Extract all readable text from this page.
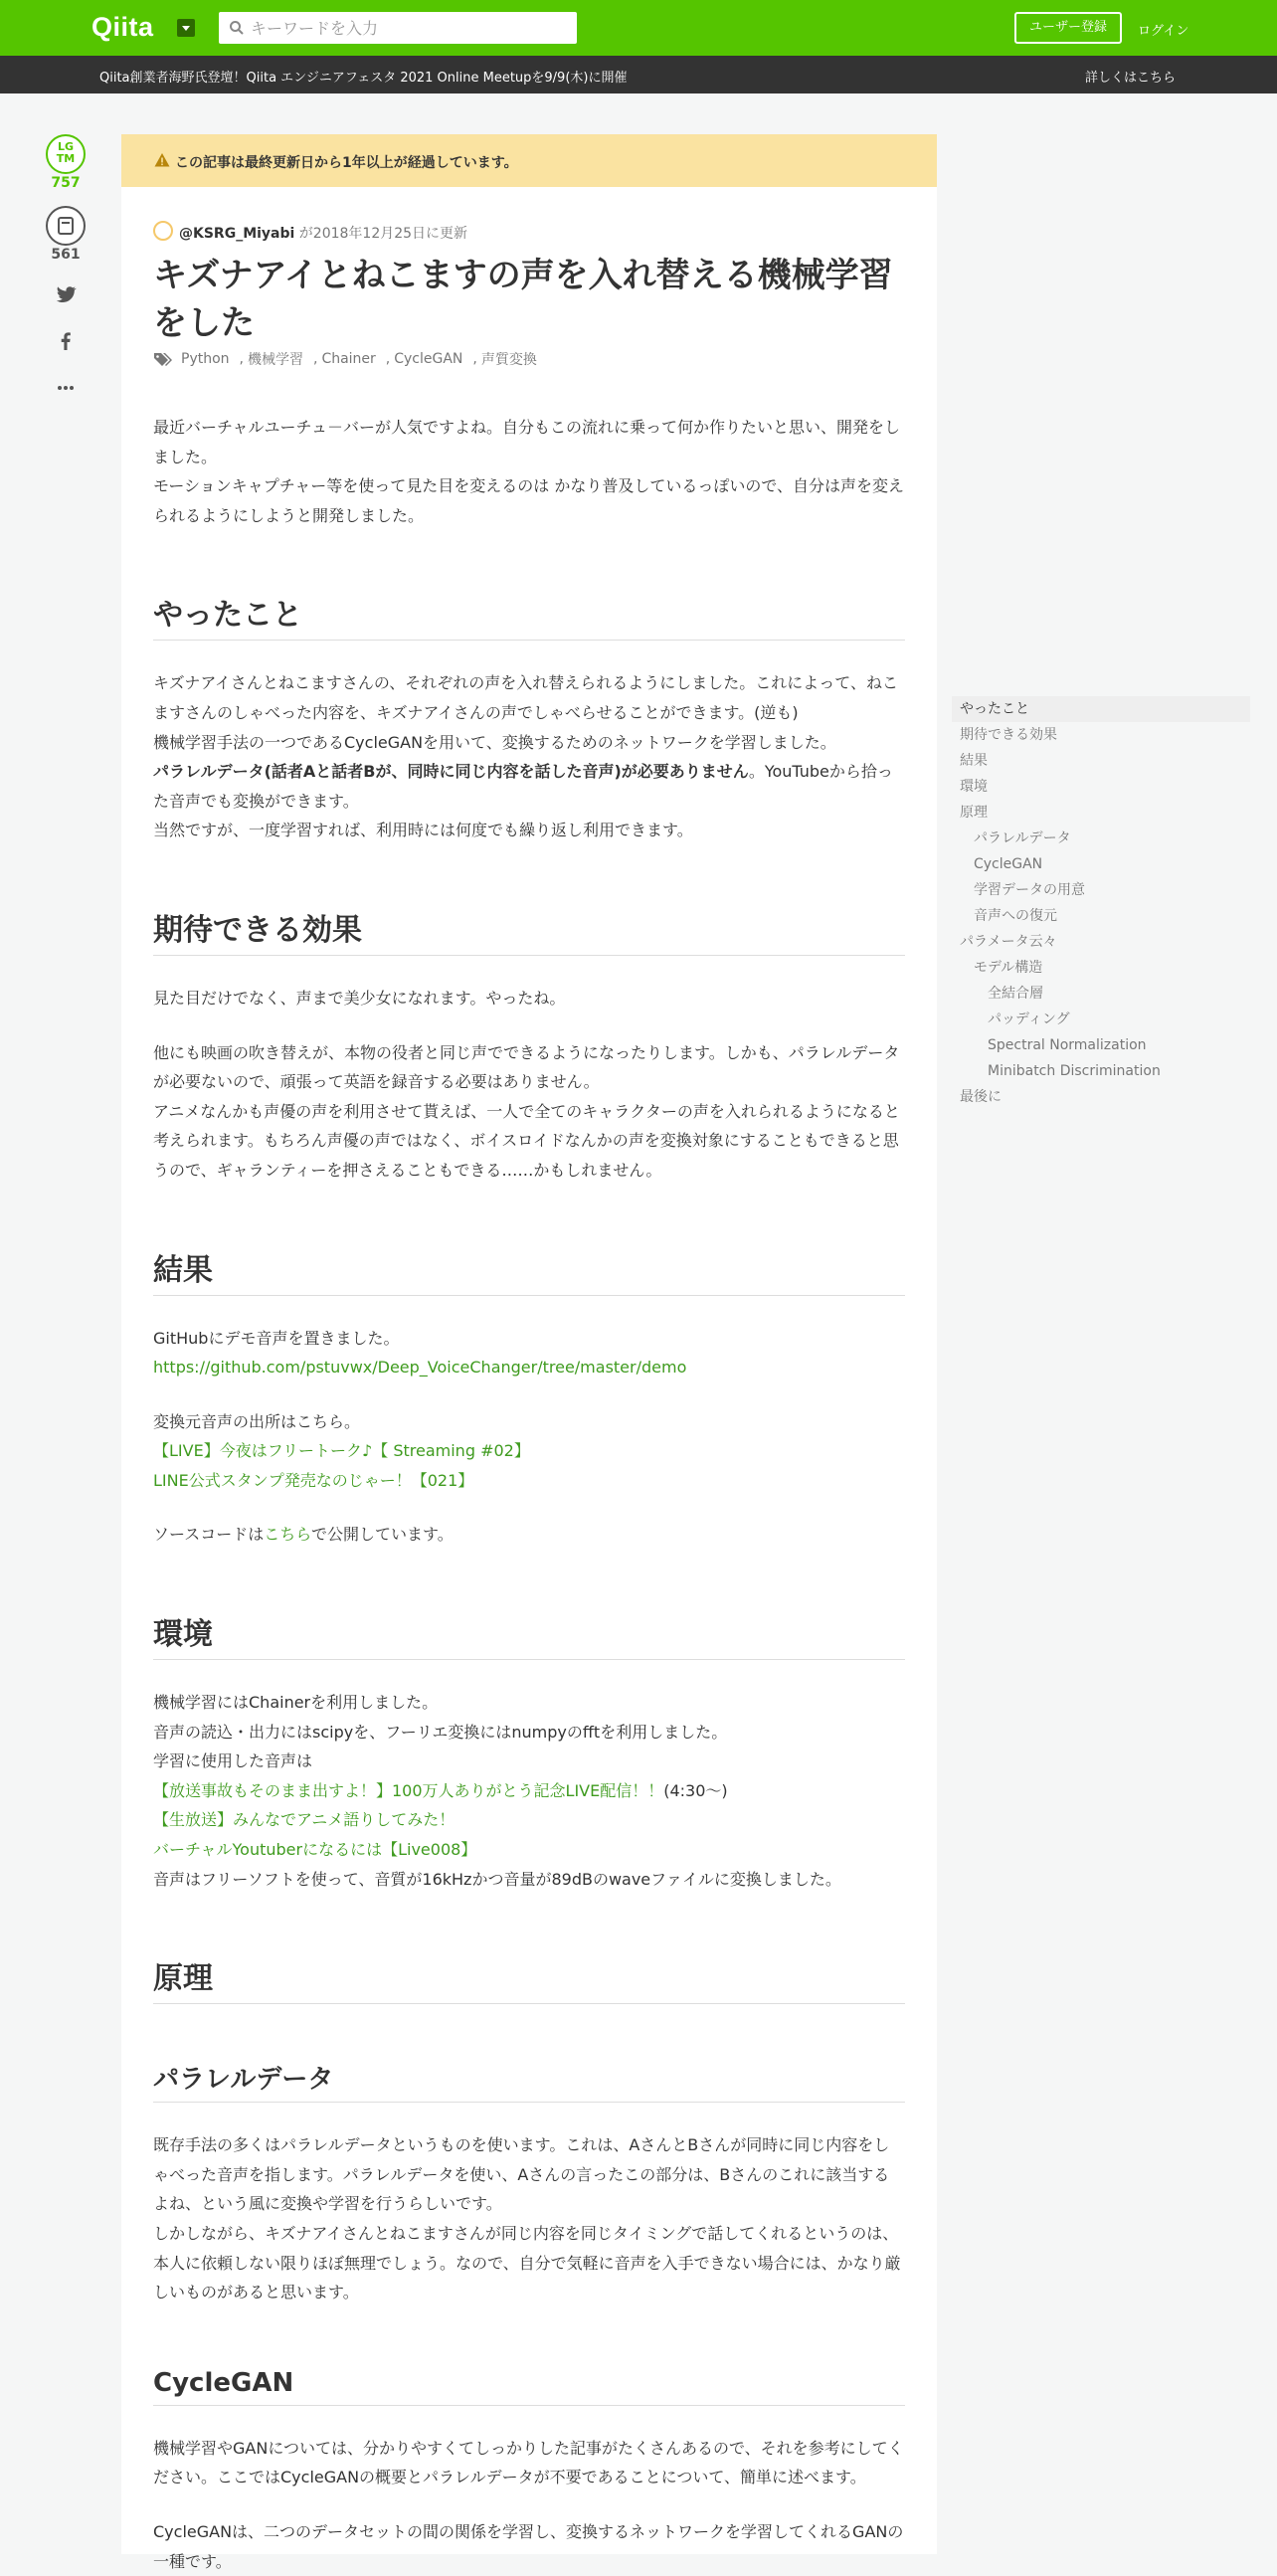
Qiita
キーワードを入力	ユーザー登録	ログイン
Qiita創業者海野氏登壇！Qiita エンジニアフェスタ 2021 Online Meetupを9/9(木)に開催	詳しくはこちら
LG
TM
757
561
この記事は最終更新日から1年以上が経過しています。
@KSRG_Miyabi が2018年12月25日に更新
キズナアイとねこますの声を入れ替える機械学習をした
Python , 機械学習 , Chainer , CycleGAN , 声質変換

最近バーチャルユーチュ－バーが人気ですよね。自分もこの流れに乗って何か作りたいと思い、開発をしました。

モーションキャプチャー等を使って見た目を変えるのは かなり普及しているっぽいので、自分は声を変えられるようにしようと開発しました。

やったこと

キズナアイさんとねこますさんの、それぞれの声を入れ替えられるようにしました。これによって、ねこますさんのしゃべった内容を、キズナアイさんの声でしゃべらせることができます。(逆も)

機械学習手法の一つであるCycleGANを用いて、変換するためのネットワークを学習しました。

パラレルデータ(話者Aと話者Bが、同時に同じ内容を話した音声)が必要ありません。YouTubeから拾った音声でも変換ができます。

当然ですが、一度学習すれば、利用時には何度でも繰り返し利用できます。

期待できる効果

見た目だけでなく、声まで美少女になれます。やったね。

他にも映画の吹き替えが、本物の役者と同じ声でできるようになったりします。しかも、パラレルデータが必要ないので、頑張って英語を録音する必要はありません。

アニメなんかも声優の声を利用させて貰えば、一人で全てのキャラクターの声を入れられるようになると考えられます。もちろん声優の声ではなく、ボイスロイドなんかの声を変換対象にすることもできると思うので、ギャランティーを押さえることもできる……かもしれません。

結果

GitHubにデモ音声を置きました。

https://github.com/pstuvwx/Deep_VoiceChanger/tree/master/demo

変換元音声の出所はこちら。

【LIVE】今夜はフリートーク♪【 Streaming #02】

LINE公式スタンプ発売なのじゃー！【021】

ソースコードはこちらで公開しています。

環境

機械学習にはChainerを利用しました。

音声の読込・出力にはscipyを、フーリエ変換にはnumpyのfftを利用しました。

学習に使用した音声は

【放送事故もそのまま出すよ！】100万人ありがとう記念LIVE配信！！(4:30～)

【生放送】みんなでアニメ語りしてみた！

バーチャルYoutuberになるには【Live008】

音声はフリーソフトを使って、音質が16kHzかつ音量が89dBのwaveファイルに変換しました。

原理
パラレルデータ

既存手法の多くはパラレルデータというものを使います。これは、AさんとBさんが同時に同じ内容をしゃべった音声を指します。パラレルデータを使い、Aさんの言ったこの部分は、Bさんのこれに該当するよね、という風に変換や学習を行うらしいです。

しかしながら、キズナアイさんとねこますさんが同じ内容を同じタイミングで話してくれるというのは、本人に依頼しない限りほぼ無理でしょう。なので、自分で気軽に音声を入手できない場合には、かなり厳しいものがあると思います。

CycleGAN

機械学習やGANについては、分かりやすくてしっかりした記事がたくさんあるので、それを参考にしてください。ここではCycleGANの概要とパラレルデータが不要であることについて、簡単に述べます。

CycleGANは、二つのデータセットの間の関係を学習し、変換するネットワークを学習してくれるGANの一種です。

やったこと
期待できる効果
結果
環境
原理
パラレルデータ
CycleGAN
学習データの用意
音声への復元
パラメータ云々
モデル構造
全結合層
パッディング
Spectral Normalization
Minibatch Discrimination
最後に
